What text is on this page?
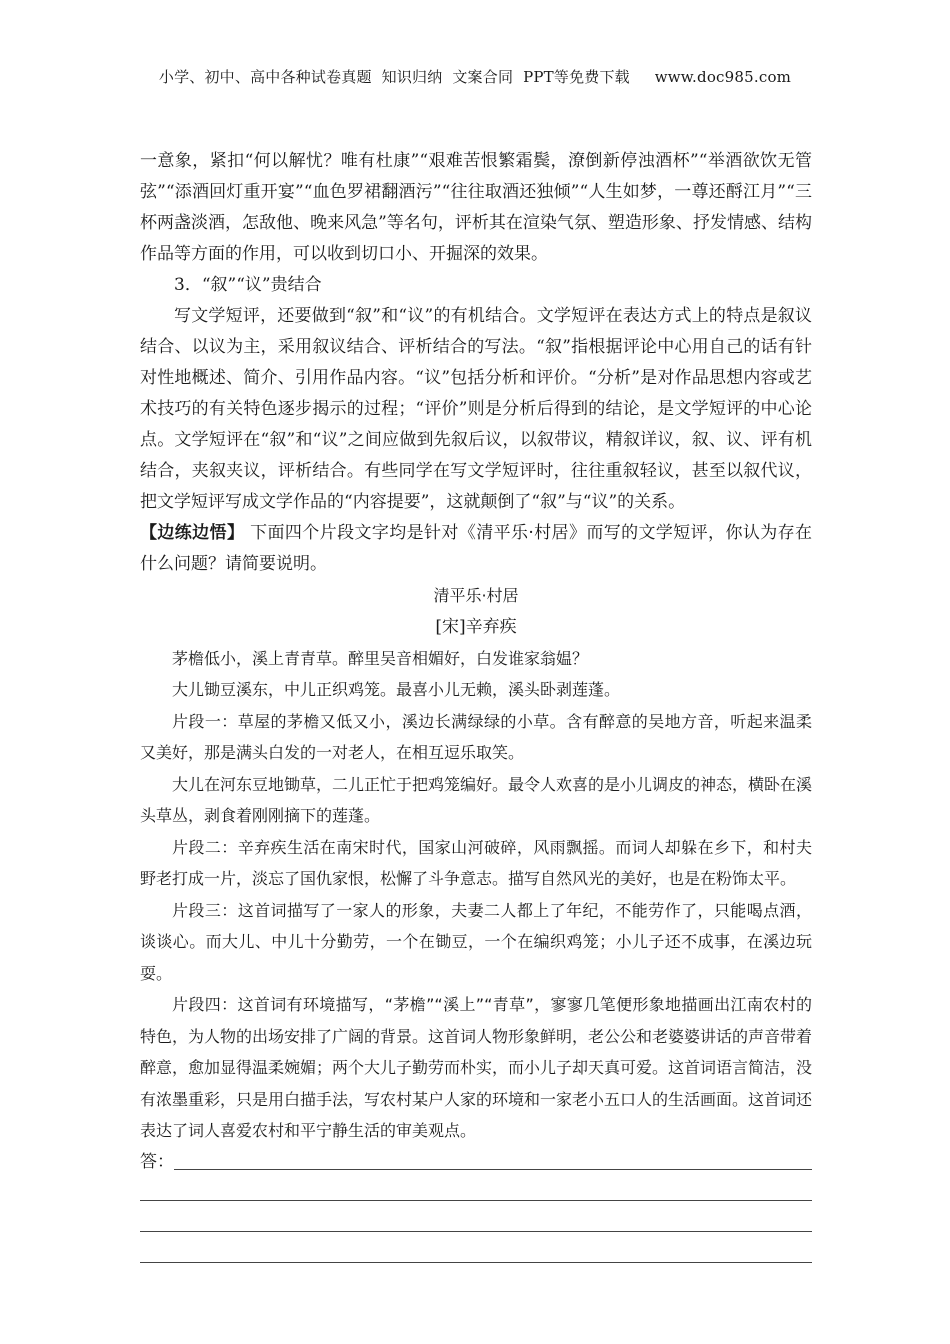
小学、初中、高中各种试卷真题  知识归纳  文案合同  PPT等免费下载     www.doc985.com

一意象，紧扣“何以解忧？唯有杜康”“艰难苦恨繁霜鬓，潦倒新停浊酒杯”“举酒欲饮无管弦”“添酒回灯重开宴”“血色罗裙翻酒污”“往往取酒还独倾”“人生如梦，一尊还酹江月”“三杯两盏淡酒，怎敌他、晚来风急”等名句，评析其在渲染气氛、塑造形象、抒发情感、结构作品等方面的作用，可以收到切口小、开掘深的效果。

3．“叙”“议”贵结合

写文学短评，还要做到“叙”和“议”的有机结合。文学短评在表达方式上的特点是叙议结合、以议为主，采用叙议结合、评析结合的写法。“叙”指根据评论中心用自己的话有针对性地概述、简介、引用作品内容。“议”包括分析和评价。“分析”是对作品思想内容或艺术技巧的有关特色逐步揭示的过程；“评价”则是分析后得到的结论，是文学短评的中心论点。文学短评在“叙”和“议”之间应做到先叙后议，以叙带议，精叙详议，叙、议、评有机结合，夹叙夹议，评析结合。有些同学在写文学短评时，往往重叙轻议，甚至以叙代议，把文学短评写成文学作品的“内容提要”，这就颠倒了“叙”与“议”的关系。

【边练边悟】 下面四个片段文字均是针对《清平乐·村居》而写的文学短评，你认为存在什么问题？请简要说明。

清平乐·村居

[宋]辛弃疾

茅檐低小，溪上青青草。醉里吴音相媚好，白发谁家翁媪？

大儿锄豆溪东，中儿正织鸡笼。最喜小儿无赖，溪头卧剥莲蓬。

片段一：草屋的茅檐又低又小，溪边长满绿绿的小草。含有醉意的吴地方音，听起来温柔又美好，那是满头白发的一对老人，在相互逗乐取笑。

大儿在河东豆地锄草，二儿正忙于把鸡笼编好。最令人欢喜的是小儿调皮的神态，横卧在溪头草丛，剥食着刚刚摘下的莲蓬。

片段二：辛弃疾生活在南宋时代，国家山河破碎，风雨飘摇。而词人却躲在乡下，和村夫野老打成一片，淡忘了国仇家恨，松懈了斗争意志。描写自然风光的美好，也是在粉饰太平。

片段三：这首词描写了一家人的形象，夫妻二人都上了年纪，不能劳作了，只能喝点酒，谈谈心。而大儿、中儿十分勤劳，一个在锄豆，一个在编织鸡笼；小儿子还不成事，在溪边玩耍。

片段四：这首词有环境描写，“茅檐”“溪上”“青草”，寥寥几笔便形象地描画出江南农村的特色，为人物的出场安排了广阔的背景。这首词人物形象鲜明，老公公和老婆婆讲话的声音带着醉意，愈加显得温柔婉媚；两个大儿子勤劳而朴实，而小儿子却天真可爱。这首词语言简洁，没有浓墨重彩，只是用白描手法，写农村某户人家的环境和一家老小五口人的生活画面。这首词还表达了词人喜爱农村和平宁静生活的审美观点。

答：
